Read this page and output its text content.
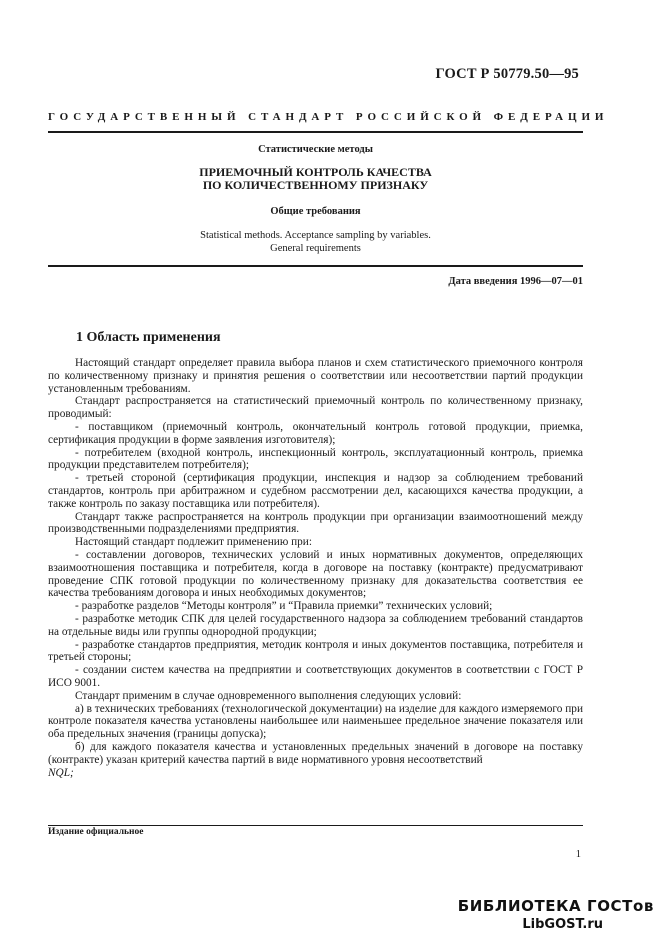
ГОСТ Р 50779.50—95
ГОСУДАРСТВЕННЫЙ СТАНДАРТ РОССИЙСКОЙ ФЕДЕРАЦИИ
Статистические методы
ПРИЕМОЧНЫЙ КОНТРОЛЬ КАЧЕСТВА
ПО КОЛИЧЕСТВЕННОМУ ПРИЗНАКУ
Общие требования
Statistical methods. Acceptance sampling by variables.
General requirements
Дата введения 1996—07—01
1 Область применения

Настоящий стандарт определяет правила выбора планов и схем статистического приемочного контроля по количественному признаку и принятия решения о соответствии или несоответствии партий продукции установленным требованиям.

Стандарт распространяется на статистический приемочный контроль по количественному признаку, проводимый:

- поставщиком (приемочный контроль, окончательный контроль готовой продукции, приемка, сертификация продукции в форме заявления изготовителя);

- потребителем (входной контроль, инспекционный контроль, эксплуатационный контроль, приемка продукции представителем потребителя);

- третьей стороной (сертификация продукции, инспекция и надзор за соблюдением требований стандартов, контроль при арбитражном и судебном рассмотрении дел, касающихся качества продукции, а также контроль по заказу поставщика или потребителя).

Стандарт также распространяется на контроль продукции при организации взаимоотношений между производственными подразделениями предприятия.

Настоящий стандарт подлежит применению при:

- составлении договоров, технических условий и иных нормативных документов, определяющих взаимоотношения поставщика и потребителя, когда в договоре на поставку (контракте) предусматривают проведение СПК готовой продукции по количественному признаку для доказательства соответствия ее качества требованиям договора и иных необходимых документов;

- разработке разделов “Методы контроля” и “Правила приемки” технических условий;

- разработке методик СПК для целей государственного надзора за соблюдением требований стандартов на отдельные виды или группы однородной продукции;

- разработке стандартов предприятия, методик контроля и иных документов поставщика, потребителя и третьей стороны;

- создании систем качества на предприятии и соответствующих документов в соответствии с ГОСТ Р ИСО 9001.

Стандарт применим в случае одновременного выполнения следующих условий:

а) в технических требованиях (технологической документации) на изделие для каждого измеряемого при контроле показателя качества установлены наибольшее или наименьшее предельное значение показателя или оба предельных значения (границы допуска);

б) для каждого показателя качества и установленных предельных значений в договоре на поставку (контракте) указан критерий качества партий в виде нормативного уровня несоответствий

NQL;

Издание официальное
1
БИБЛИОТЕКА ГОСТов
LibGOST.ru
